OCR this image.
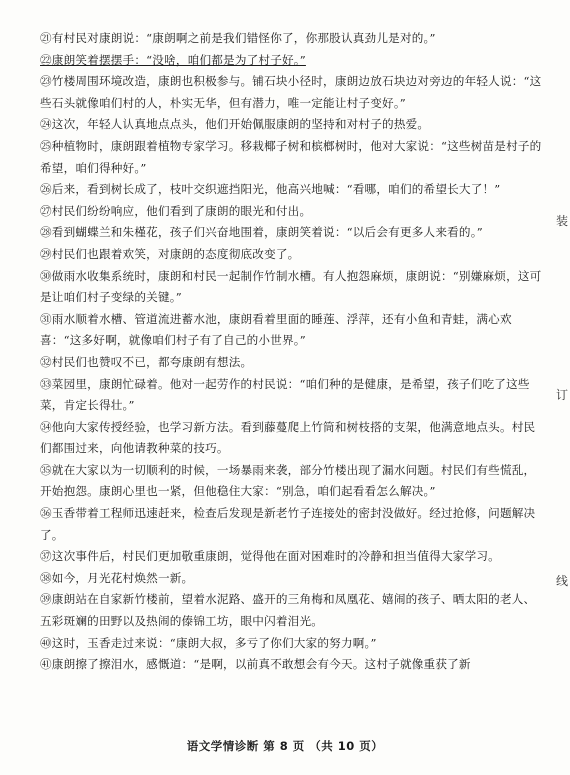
㉑有村民对康朗说：“康朗啊之前是我们错怪你了，你那股认真劲儿是对的。”

㉒康朗笑着摆摆手：“没啥，咱们都是为了村子好。”

㉓竹楼周围环境改造，康朗也积极参与。铺石块小径时，康朗边放石块边对旁边的年轻人说：“这些石头就像咱们村的人，朴实无华，但有潜力，唯一定能让村子变好。”

㉔这次，年轻人认真地点点头，他们开始佩服康朗的坚持和对村子的热爱。

㉕种植物时，康朗跟着植物专家学习。移栽椰子树和槟榔树时，他对大家说：“这些树苗是村子的希望，咱们得种好。”

㉖后来，看到树长成了，枝叶交织遮挡阳光，他高兴地喊：“看哪，咱们的希望长大了！”

㉗村民们纷纷响应，他们看到了康朗的眼光和付出。

㉘看到蝴蝶兰和朱槿花，孩子们兴奋地围着，康朗笑着说：“以后会有更多人来看的。”

㉙村民们也跟着欢笑，对康朗的态度彻底改变了。

㉚做雨水收集系统时，康朗和村民一起制作竹制水槽。有人抱怨麻烦，康朗说：“别嫌麻烦，这可是让咱们村子变绿的关键。”

㉛雨水顺着水槽、管道流进蓄水池，康朗看着里面的睡莲、浮萍，还有小鱼和青蛙，满心欢喜：“这多好啊，就像咱们村子有了自己的小世界。”

㉜村民们也赞叹不已，都夸康朗有想法。

㉝菜园里，康朗忙碌着。他对一起劳作的村民说：“咱们种的是健康，是希望，孩子们吃了这些菜，肯定长得壮。”

㉞他向大家传授经验，也学习新方法。看到藤蔓爬上竹筒和树枝搭的支架，他满意地点头。村民们都围过来，向他请教种菜的技巧。

㉟就在大家以为一切顺利的时候，一场暴雨来袭，部分竹楼出现了漏水问题。村民们有些慌乱，开始抱怨。康朗心里也一紧，但他稳住大家：“别急，咱们起看看怎么解决。”

㊱玉香带着工程师迅速赶来，检查后发现是新老竹子连接处的密封没做好。经过抢修，问题解决了。

㊲这次事件后，村民们更加敬重康朗，觉得他在面对困难时的冷静和担当值得大家学习。

㊳如今，月光花村焕然一新。

㊴康朗站在自家新竹楼前，望着水泥路、盛开的三角梅和凤凰花、嬉闹的孩子、晒太阳的老人、五彩斑斓的田野以及热闹的傣锦工坊，眼中闪着泪光。

㊵这时，玉香走过来说：“康朗大叔，多亏了你们大家的努力啊。”

㊶康朗擦了擦泪水，感慨道：“是啊，以前真不敢想会有今天。这村子就像重获了新

装
订
线
语文学情诊断 第 8 页 （共 10 页）
